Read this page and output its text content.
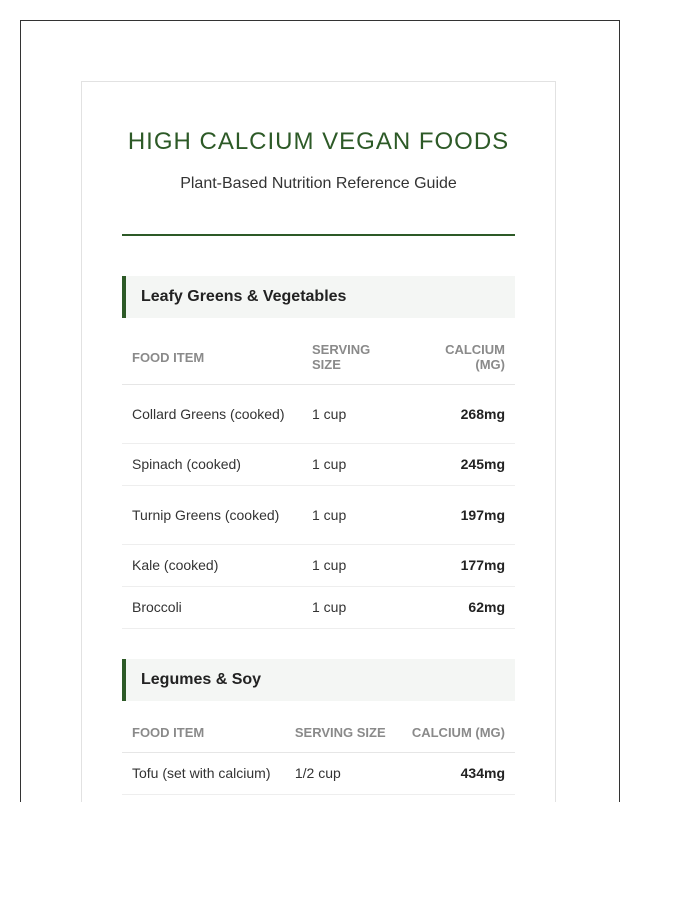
HIGH CALCIUM VEGAN FOODS

Plant-Based Nutrition Reference Guide

Leafy Greens & Vegetables
FOOD ITEM	SERVING SIZE	CALCIUM (MG)
Collard Greens (cooked)	1 cup	268mg
Spinach (cooked)	1 cup	245mg
Turnip Greens (cooked)	1 cup	197mg
Kale (cooked)	1 cup	177mg
Broccoli	1 cup	62mg
Legumes & Soy
FOOD ITEM	SERVING SIZE	CALCIUM (MG)
Tofu (set with calcium)	1/2 cup	434mg
